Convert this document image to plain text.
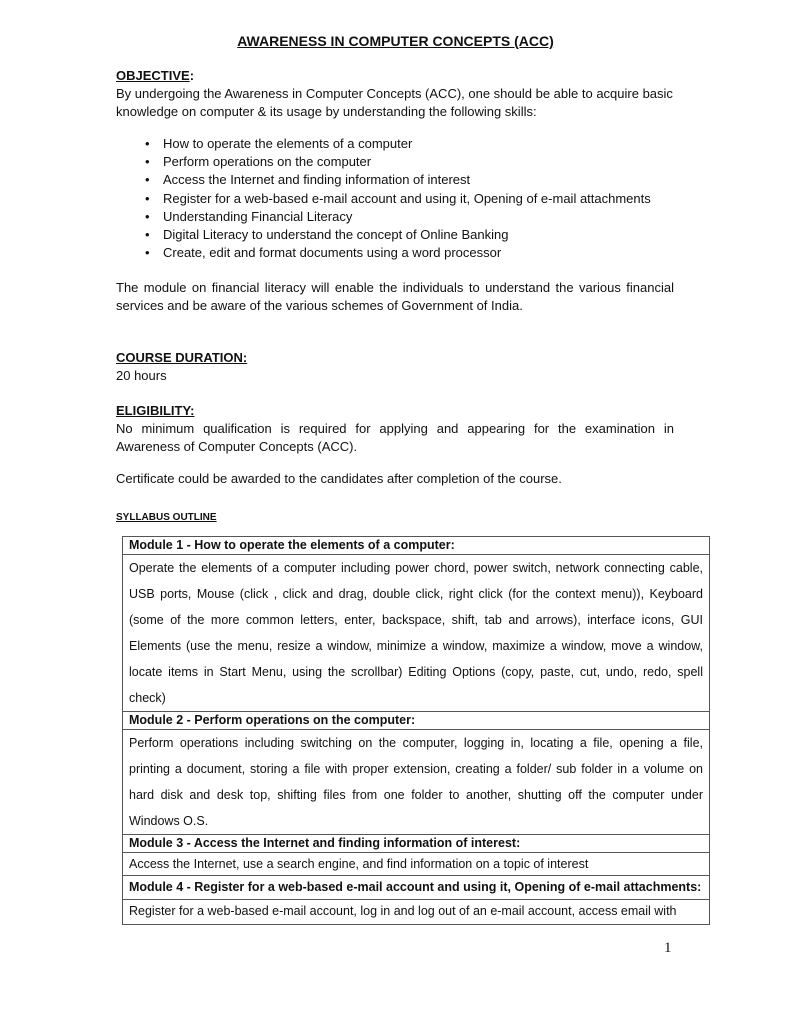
AWARENESS IN COMPUTER CONCEPTS (ACC)
OBJECTIVE:
By undergoing the Awareness in Computer Concepts (ACC), one should be able to acquire basic knowledge on computer & its usage by understanding the following skills:
• How to operate the elements of a computer
• Perform operations on the computer
• Access the Internet and finding information of interest
• Register for a web-based e-mail account and using it, Opening of e-mail attachments
• Understanding Financial Literacy
• Digital Literacy to understand the concept of Online Banking
• Create, edit and format documents using a word processor
The module on financial literacy will enable the individuals to understand the various financial services and be aware of the various schemes of Government of India.
COURSE DURATION:
20 hours
ELIGIBILITY:
No minimum qualification is required for applying and appearing for the examination in Awareness of Computer Concepts (ACC).
Certificate could be awarded to the candidates after completion of the course.
SYLLABUS OUTLINE
Module 1 - How to operate the elements of a computer:
Operate the elements of a computer including power chord, power switch, network connecting cable, USB ports, Mouse (click , click and drag, double click, right click (for the context menu)), Keyboard (some of the more common letters, enter, backspace, shift, tab and arrows), interface icons, GUI Elements (use the menu, resize a window, minimize a window, maximize a window, move a window, locate items in Start Menu, using the scrollbar) Editing Options (copy, paste, cut, undo, redo, spell check)
Module 2 - Perform operations on the computer:
Perform operations including switching on the computer, logging in, locating a file, opening a file, printing a document, storing a file with proper extension, creating a folder/ sub folder in a volume on hard disk and desk top, shifting files from one folder to another, shutting off the computer under Windows O.S.
Module 3 - Access the Internet and finding information of interest:
Access the Internet, use a search engine, and find information on a topic of interest
Module 4 - Register for a web-based e-mail account and using it, Opening of e-mail attachments:
Register for a web-based e-mail account, log in and log out of an e-mail account, access email with
1
